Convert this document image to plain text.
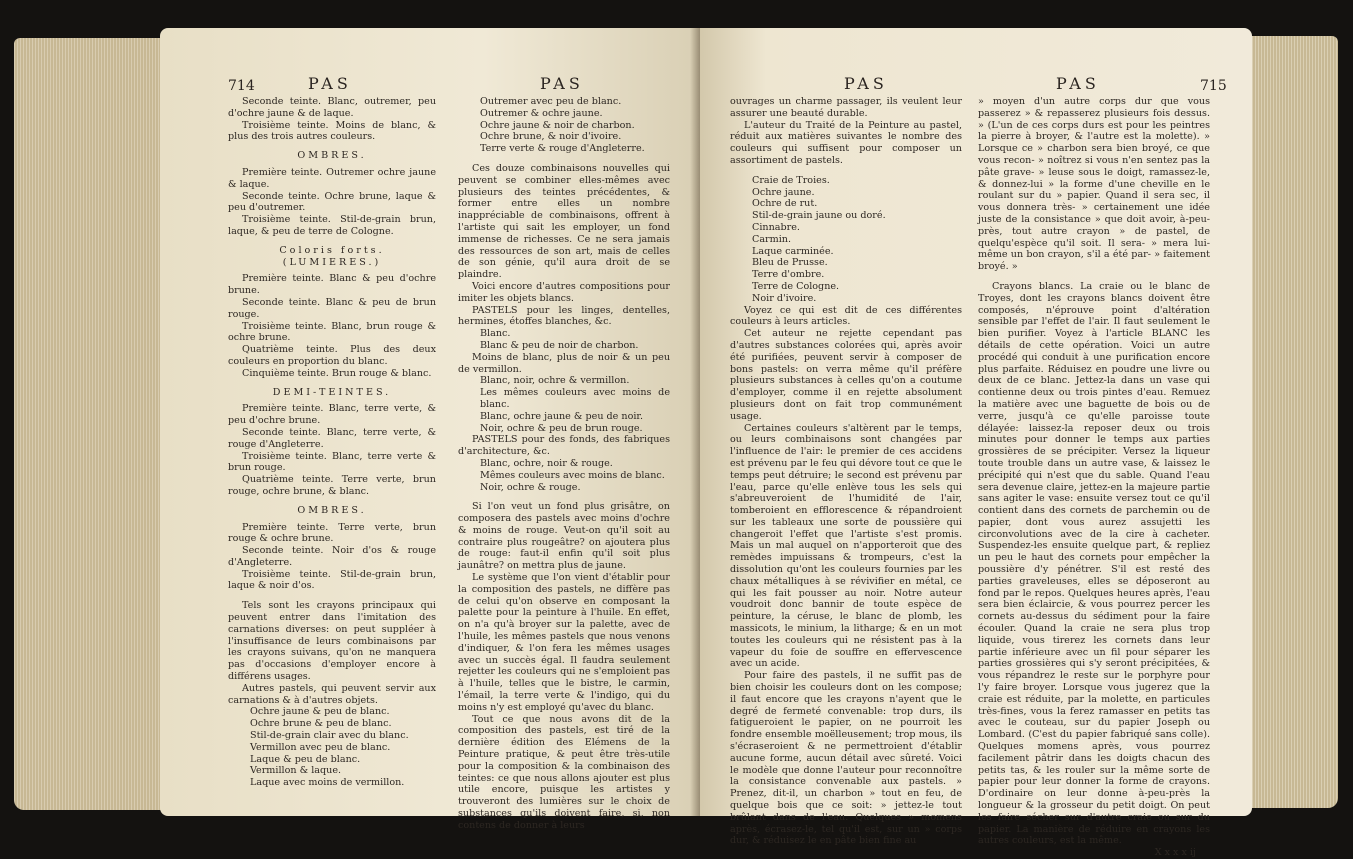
714	PAS	PAS

Seconde teinte. Blanc, outremer, peu d'ochre jaune & de laque.

Troisième teinte. Moins de blanc, & plus des trois autres couleurs.

OMBRES.

Première teinte. Outremer ochre jaune & laque.

Seconde teinte. Ochre brune, laque & peu d'outremer.

Troisième teinte. Stil-de-grain brun, laque, & peu de terre de Cologne.

Coloris forts. (LUMIERES.)

Première teinte. Blanc & peu d'ochre brune.

Seconde teinte. Blanc & peu de brun rouge.

Troisième teinte. Blanc, brun rouge & ochre brune.

Quatrième teinte. Plus des deux couleurs en proportion du blanc.

Cinquième teinte. Brun rouge & blanc.

DEMI-TEINTES.

Première teinte. Blanc, terre verte, & peu d'ochre brune.

Seconde teinte. Blanc, terre verte, & rouge d'Angleterre.

Troisième teinte. Blanc, terre verte & brun rouge.

Quatrième teinte. Terre verte, brun rouge, ochre brune, & blanc.

OMBRES.

Première teinte. Terre verte, brun rouge & ochre brune.

Seconde teinte. Noir d'os & rouge d'Angleterre.

Troisième teinte. Stil-de-grain brun, laque & noir d'os.

Tels sont les crayons principaux qui peuvent entrer dans l'imitation des carnations diverses: on peut suppléer à l'insuffisance de leurs combinaisons par les crayons suivans, qu'on ne manquera pas d'occasions d'employer encore à différens usages.

Autres pastels, qui peuvent servir aux carnations & à d'autres objets.

Ochre jaune & peu de blanc.

Ochre brune & peu de blanc.

Stil-de-grain clair avec du blanc.

Vermillon avec peu de blanc.

Laque & peu de blanc.

Vermillon & laque.

Laque avec moins de vermillon.

Outremer avec peu de blanc.

Outremer & ochre jaune.

Ochre jaune & noir de charbon.

Ochre brune, & noir d'ivoire.

Terre verte & rouge d'Angleterre.

Ces douze combinaisons nouvelles qui peuvent se combiner elles-mêmes avec plusieurs des teintes précédentes, & former entre elles un nombre inappréciable de combinaisons, offrent à l'artiste qui sait les employer, un fond immense de richesses. Ce ne sera jamais des ressources de son art, mais de celles de son génie, qu'il aura droit de se plaindre.

Voici encore d'autres compositions pour imiter les objets blancs.

PASTELS pour les linges, dentelles, hermines, étoffes blanches, &c.

Blanc.

Blanc & peu de noir de charbon.

Moins de blanc, plus de noir & un peu de vermillon.

Blanc, noir, ochre & vermillon.

Les mêmes couleurs avec moins de blanc.

Blanc, ochre jaune & peu de noir.

Noir, ochre & peu de brun rouge.

PASTELS pour des fonds, des fabriques d'architecture, &c.

Blanc, ochre, noir & rouge.

Mêmes couleurs avec moins de blanc.

Noir, ochre & rouge.

Si l'on veut un fond plus grisâtre, on composera des pastels avec moins d'ochre & moins de rouge. Veut-on qu'il soit au contraire plus rougeâtre? on ajoutera plus de rouge: faut-il enfin qu'il soit plus jaunâtre? on mettra plus de jaune.

Le système que l'on vient d'établir pour la composition des pastels, ne diffère pas de celui qu'on observe en composant la palette pour la peinture à l'huile. En effet, on n'a qu'à broyer sur la palette, avec de l'huile, les mêmes pastels que nous venons d'indiquer, & l'on fera les mêmes usages avec un succès égal. Il faudra seulement rejetter les couleurs qui ne s'emploient pas à l'huile, telles que le bistre, le carmin, l'émail, la terre verte & l'indigo, qui du moins n'y est employé qu'avec du blanc.

Tout ce que nous avons dit de la composition des pastels, est tiré de la dernière édition des Elémens de la Peinture pratique, & peut être très-utile pour la composition & la combinaison des teintes: ce que nous allons ajouter est plus utile encore, puisque les artistes y trouveront des lumières sur le choix de substances qu'ils doivent faire, si, non contens de donner à leurs

PAS	PAS	715

ouvrages un charme passager, ils veulent leur assurer une beauté durable.

L'auteur du Traité de la Peinture au pastel, réduit aux matières suivantes le nombre des couleurs qui suffisent pour composer un assortiment de pastels.

Craie de Troies.

Ochre jaune.

Ochre de rut.

Stil-de-grain jaune ou doré.

Cinnabre.

Carmin.

Laque carminée.

Bleu de Prusse.

Terre d'ombre.

Terre de Cologne.

Noir d'ivoire.

Voyez ce qui est dit de ces différentes couleurs à leurs articles.

Cet auteur ne rejette cependant pas d'autres substances colorées qui, après avoir été purifiées, peuvent servir à composer de bons pastels: on verra même qu'il préfère plusieurs substances à celles qu'on a coutume d'employer, comme il en rejette absolument plusieurs dont on fait trop communément usage.

Certaines couleurs s'altèrent par le temps, ou leurs combinaisons sont changées par l'influence de l'air: le premier de ces accidens est prévenu par le feu qui dévore tout ce que le temps peut détruire; le second est prévenu par l'eau, parce qu'elle enlève tous les sels qui s'abreuveroient de l'humidité de l'air, tomberoient en efflorescence & répandroient sur les tableaux une sorte de poussière qui changeroit l'effet que l'artiste s'est promis. Mais un mal auquel on n'apporteroit que des remèdes impuissans & trompeurs, c'est la dissolution qu'ont les couleurs fournies par les chaux métalliques à se révivifier en métal, ce qui les fait pousser au noir. Notre auteur voudroit donc bannir de toute espèce de peinture, la céruse, le blanc de plomb, les massicots, le minium, la litharge; & en un mot toutes les couleurs qui ne résistent pas à la vapeur du foie de souffre en effervescence avec un acide.

Pour faire des pastels, il ne suffit pas de bien choisir les couleurs dont on les compose; il faut encore que les crayons n'ayent que le degré de fermeté convenable: trop durs, ils fatigueroient le papier, on ne pourroit les fondre ensemble moëlleusement; trop mous, ils s'écraseroient & ne permettroient d'établir aucune forme, aucun détail avec sûreté. Voici le modèle que donne l'auteur pour reconnoître la consistance convenable aux pastels. » Prenez, dit-il, un charbon » tout en feu, de quelque bois que ce soit: » jettez-le tout brûlant dans de l'eau. Quelques » momens après, écrasez-le, tel qu'il est, sur un » corps dur, & réduisez le en pâte bien fine au

» moyen d'un autre corps dur que vous passerez » & repasserez plusieurs fois dessus. » (L'un de ces corps durs est pour les peintres la pierre à broyer, & l'autre est la molette). » Lorsque ce » charbon sera bien broyé, ce que vous recon- » noîtrez si vous n'en sentez pas la pâte grave- » leuse sous le doigt, ramassez-le, & donnez-lui » la forme d'une cheville en le roulant sur du » papier. Quand il sera sec, il vous donnera très- » certainement une idée juste de la consistance » que doit avoir, à-peu-près, tout autre crayon » de pastel, de quelqu'espèce qu'il soit. Il sera- » mera lui-même un bon crayon, s'il a été par- » faitement broyé. »

Crayons blancs. La craie ou le blanc de Troyes, dont les crayons blancs doivent être composés, n'éprouve point d'altération sensible par l'effet de l'air. Il faut seulement le bien purifier. Voyez à l'article BLANC les détails de cette opération. Voici un autre procédé qui conduit à une purification encore plus parfaite. Réduisez en poudre une livre ou deux de ce blanc. Jettez-la dans un vase qui contienne deux ou trois pintes d'eau. Remuez la matière avec une baguette de bois ou de verre, jusqu'à ce qu'elle paroisse toute délayée: laissez-la reposer deux ou trois minutes pour donner le temps aux parties grossières de se précipiter. Versez la liqueur toute trouble dans un autre vase, & laissez le précipité qui n'est que du sable. Quand l'eau sera devenue claire, jettez-en la majeure partie sans agiter le vase: ensuite versez tout ce qu'il contient dans des cornets de parchemin ou de papier, dont vous aurez assujetti les circonvolutions avec de la cire à cacheter. Suspendez-les ensuite quelque part, & repliez un peu le haut des cornets pour empêcher la poussière d'y pénétrer. S'il est resté des parties graveleuses, elles se déposeront au fond par le repos. Quelques heures après, l'eau sera bien éclaircie, & vous pourrez percer les cornets au-dessus du sédiment pour la faire écouler. Quand la craie ne sera plus trop liquide, vous tirerez les cornets dans leur partie inférieure avec un fil pour séparer les parties grossières qui s'y seront précipitées, & vous répandrez le reste sur le porphyre pour l'y faire broyer. Lorsque vous jugerez que la craie est réduite, par la molette, en particules très-fines, vous la ferez ramasser en petits tas avec le couteau, sur du papier Joseph ou Lombard. (C'est du papier fabriqué sans colle). Quelques momens après, vous pourrez facilement pâtrir dans les doigts chacun des petits tas, & les rouler sur la même sorte de papier pour leur donner la forme de crayons. D'ordinaire on leur donne à-peu-près la longueur & la grosseur du petit doigt. On peut les faire sécher sur d'autre craie ou sur du papier. La manière de réduire en crayons les autres couleurs, est la même.

X x x x ij
